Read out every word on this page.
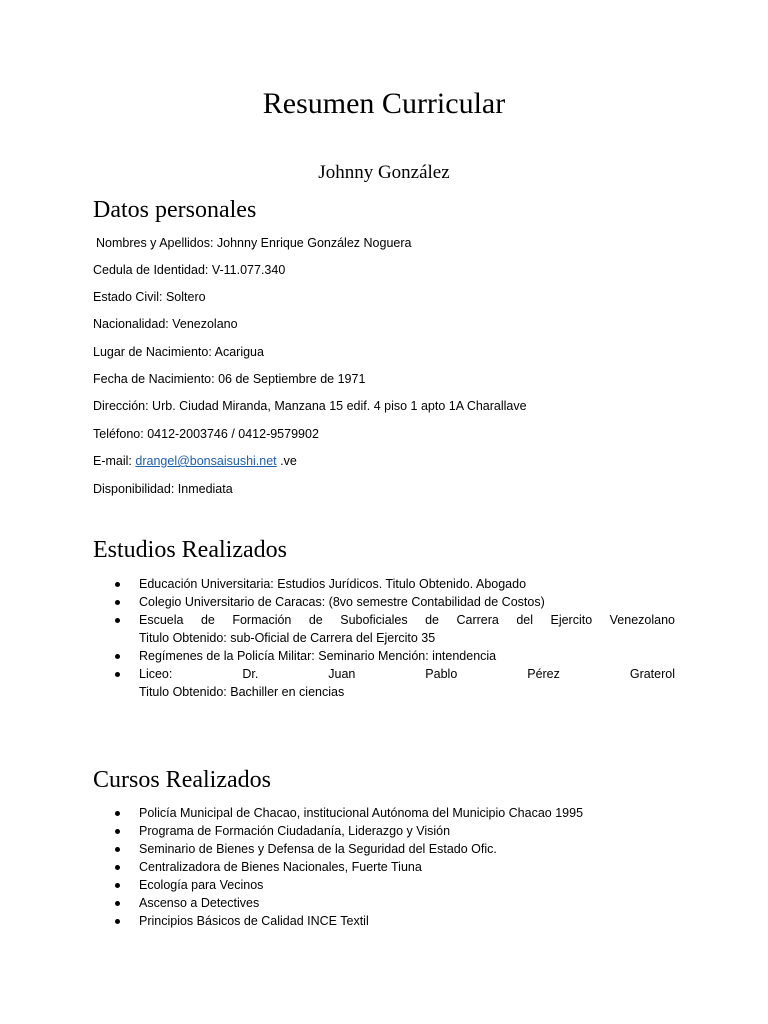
Resumen Curricular
Johnny González
Datos personales
Nombres y Apellidos: Johnny Enrique González Noguera
Cedula de Identidad: V-11.077.340
Estado Civil: Soltero
Nacionalidad: Venezolano
Lugar de Nacimiento: Acarigua
Fecha de Nacimiento: 06 de Septiembre de 1971
Dirección: Urb. Ciudad Miranda, Manzana 15 edif. 4 piso 1 apto 1A Charallave
Teléfono: 0412-2003746 / 0412-9579902
E-mail: drangel@bonsaisushi.net .ve
Disponibilidad: Inmediata
Estudios Realizados
Educación Universitaria: Estudios Jurídicos. Titulo Obtenido. Abogado
Colegio Universitario de Caracas: (8vo semestre Contabilidad de Costos)
Escuela de Formación de Suboficiales de Carrera del Ejercito Venezolano
Titulo Obtenido: sub-Oficial de Carrera del Ejercito 35
Regímenes de la Policía Militar: Seminario Mención: intendencia
Liceo: Dr. Juan Pablo Pérez Graterol
Titulo Obtenido: Bachiller en ciencias
Cursos Realizados
Policía Municipal de Chacao, institucional Autónoma del Municipio Chacao 1995
Programa de Formación Ciudadanía, Liderazgo y Visión
Seminario de Bienes y Defensa de la Seguridad del Estado Ofic.
Centralizadora de Bienes Nacionales, Fuerte Tiuna
Ecología para Vecinos
Ascenso a Detectives
Principios Básicos de Calidad INCE Textil
